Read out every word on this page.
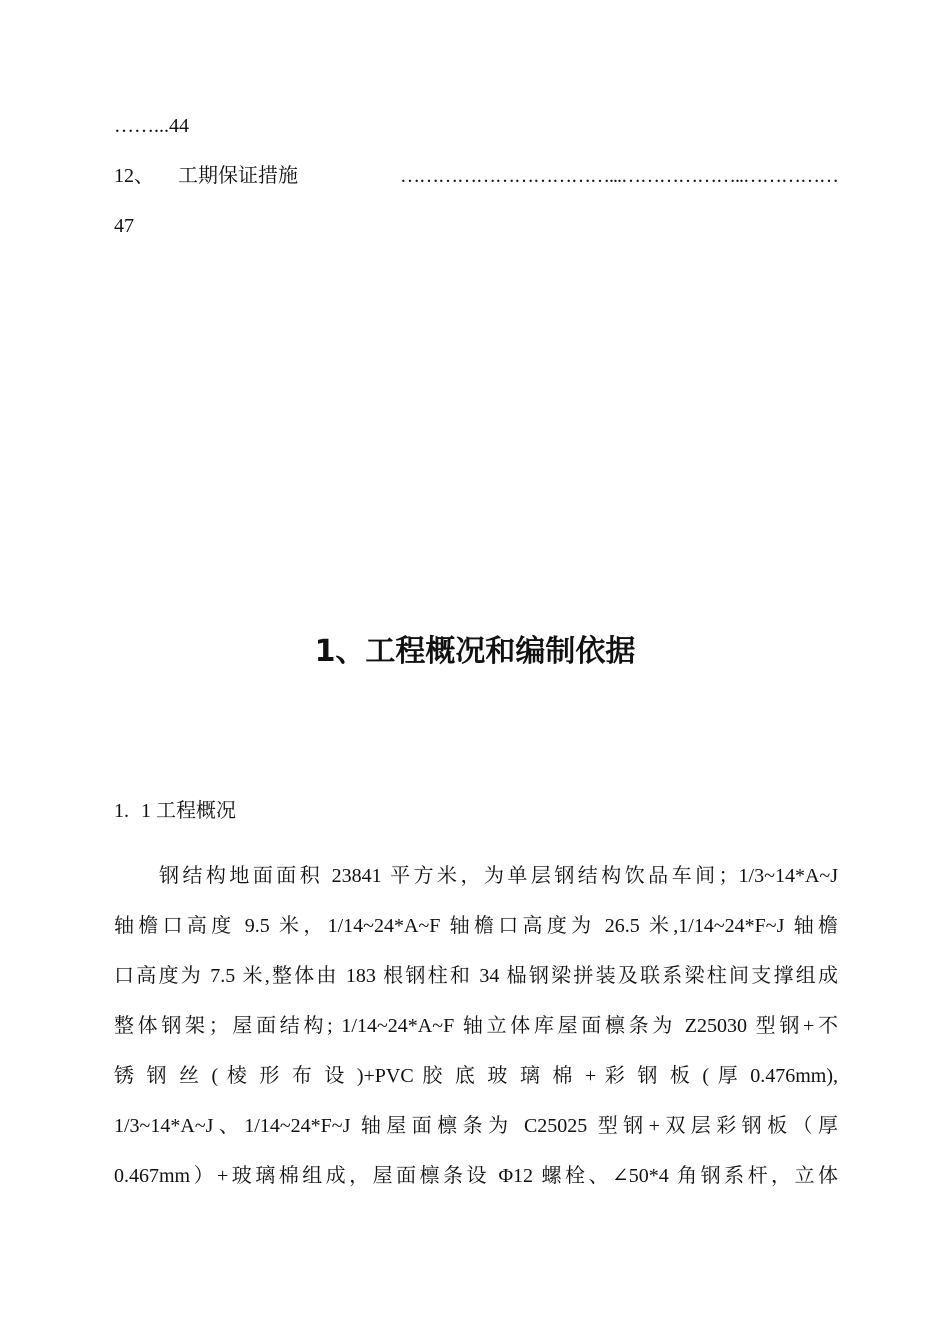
……...44
12、 工期保证措施	……………………………...………………..……………
47
1、工程概况和编制依据
1. 1 工程概况
钢结构地面面积 23841 平方米，为单层钢结构饮品车间；1/3~14*A~J
轴檐口高度 9.5 米，1/14~24*A~F 轴檐口高度为 26.5 米,1/14~24*F~J 轴檐
口高度为 7.5 米,整体由 183 根钢柱和 34 榀钢梁拼装及联系梁柱间支撑组成
整体钢架；屋面结构; 1/14~24*A~F 轴立体库屋面檩条为 Z25030 型钢+不
锈 钢 丝 ( 棱 形 布 设 )+PVC 胶 底 玻 璃 棉 + 彩 钢 板 ( 厚 0.476mm),
1/3~14*A~J、1/14~24*F~J 轴屋面檩条为 C25025 型钢+双层彩钢板（厚
0.467mm）+玻璃棉组成，屋面檩条设 Φ12 螺栓、∠50*4 角钢系杆，立体
